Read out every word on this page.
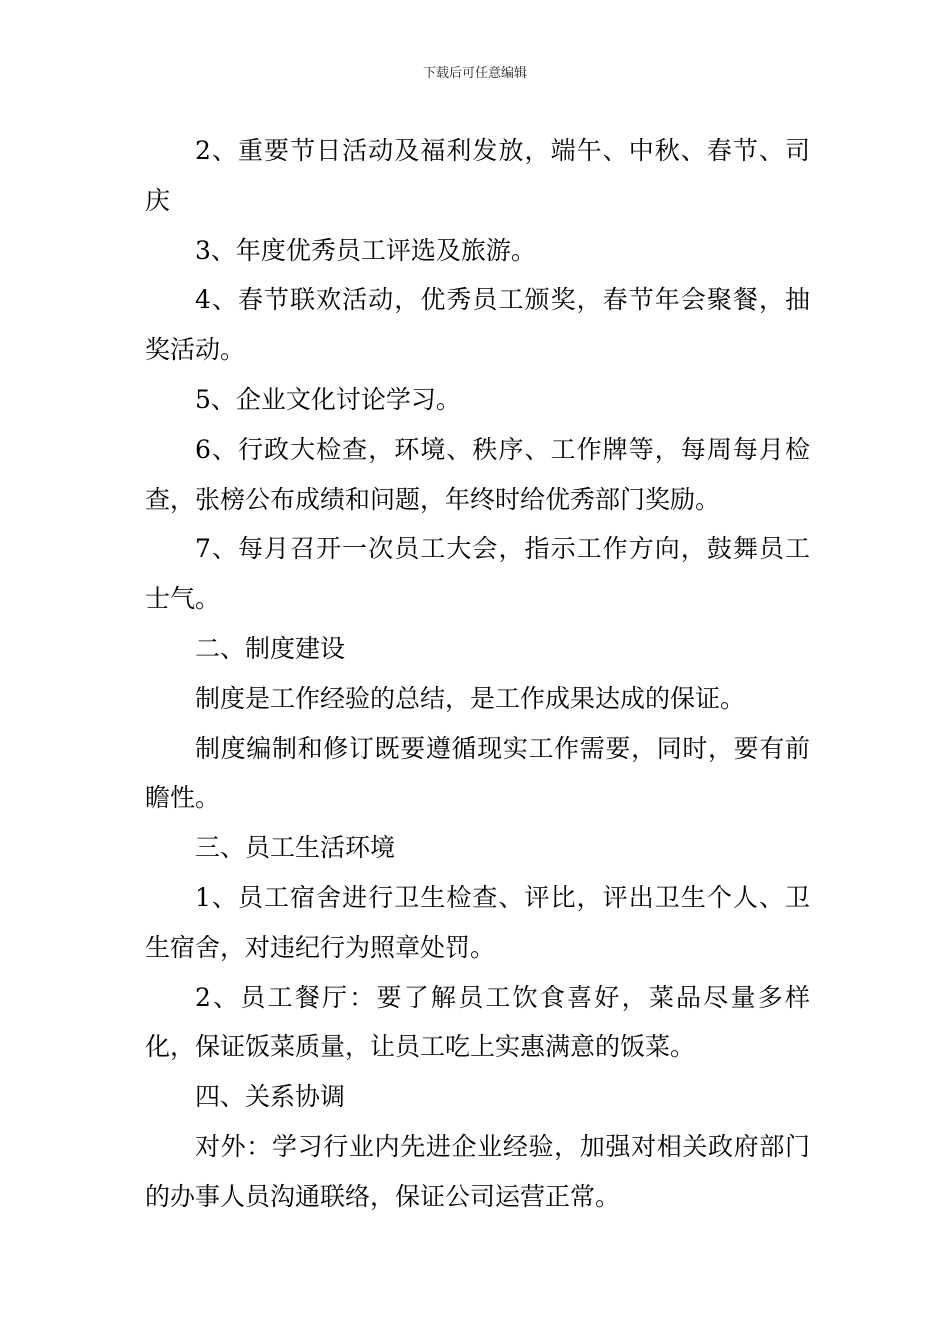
下载后可任意编辑

2、重要节日活动及福利发放，端午、中秋、春节、司庆

3、年度优秀员工评选及旅游。

4、春节联欢活动，优秀员工颁奖，春节年会聚餐，抽奖活动。

5、企业文化讨论学习。

6、行政大检查，环境、秩序、工作牌等，每周每月检查，张榜公布成绩和问题，年终时给优秀部门奖励。

7、每月召开一次员工大会，指示工作方向，鼓舞员工士气。

二、制度建设

制度是工作经验的总结，是工作成果达成的保证。

制度编制和修订既要遵循现实工作需要，同时，要有前瞻性。

三、员工生活环境

1、员工宿舍进行卫生检查、评比，评出卫生个人、卫生宿舍，对违纪行为照章处罚。

2、员工餐厅：要了解员工饮食喜好，菜品尽量多样化，保证饭菜质量，让员工吃上实惠满意的饭菜。

四、关系协调

对外：学习行业内先进企业经验，加强对相关政府部门的办事人员沟通联络，保证公司运营正常。
